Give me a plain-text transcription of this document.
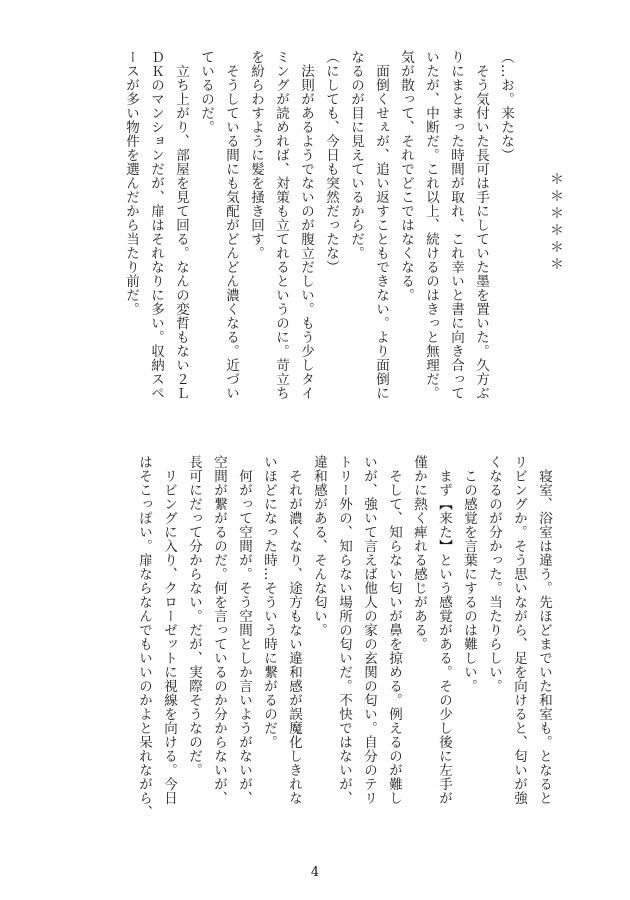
＊＊＊＊＊＊
（…お。来たな）
　そう気付いた長可は手にしていた墨を置いた。久方ぶ
りにまとまった時間が取れ、これ幸いと書に向き合って
いたが、中断だ。これ以上、続けるのはきっと無理だ。
気が散って、それでどこではなくなる。
　面倒くせぇが、追い返すこともできない。より面倒に
なるのが目に見えているからだ。
（にしても、今日も突然だったな）
　法則があるようでないのが腹立だしい。もう少しタイ
ミングが読めれば、対策も立てれるというのに。苛立ち
を紛らわすように髪を掻き回す。
　そうしている間にも気配がどんどん濃くなる。近づい
ているのだ。
　立ち上がり、部屋を見て回る。なんの変哲もない２Ｌ
ＤＫのマンションだが、扉はそれなりに多い。収納スペ
ースが多い物件を選んだから当たり前だ。
　寝室、浴室は違う。先ほどまでいた和室も。となると
リビングか。そう思いながら、足を向けると、匂いが強
くなるのが分かった。当たりらしい。
　この感覚を言葉にするのは難しい。
　まず【来た】という感覚がある。その少し後に左手が
僅かに熱く痺れる感じがある。
　そして、知らない匂いが鼻を掠める。例えるのが難し
いが、強いて言えば他人の家の玄関の匂い。自分のテリ
トリー外の、知らない場所の匂いだ。不快ではないが、
違和感がある、そんな匂い。
　それが濃くなり、途方もない違和感が誤魔化しきれな
いほどになった時…そういう時に繋がるのだ。
　何がって空間が。そう空間としか言いようがないが、
空間が繋がるのだ。何を言っているのか分からないが、
長可にだって分からない。だが、実際そうなのだ。
　リビングに入り、クローゼットに視線を向ける。今日
はそこっぽい。扉ならなんでもいいのかよと呆れながら、
4
